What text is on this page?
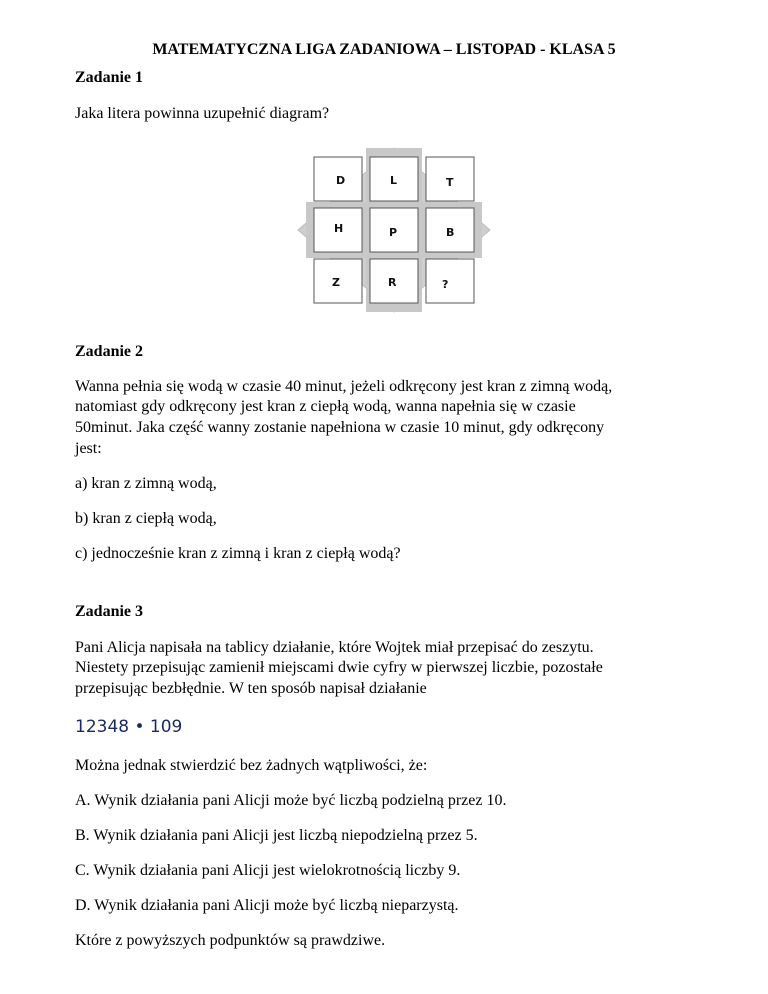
MATEMATYCZNA LIGA ZADANIOWA – LISTOPAD - KLASA 5
Zadanie 1
Jaka litera powinna uzupełnić diagram?
D	L	T
H	P	B
Z	R	?
Zadanie 2
Wanna pełnia się wodą w czasie 40 minut, jeżeli odkręcony jest kran z zimną wodą,
natomiast gdy odkręcony jest kran z ciepłą wodą, wanna napełnia się w czasie
50minut. Jaka część wanny zostanie napełniona w czasie 10 minut, gdy odkręcony
jest:
a) kran z zimną wodą,
b) kran z ciepłą wodą,
c) jednocześnie kran z zimną i kran z ciepłą wodą?
Zadanie 3
Pani Alicja napisała na tablicy działanie, które Wojtek miał przepisać do zeszytu.
Niestety przepisując zamienił miejscami dwie cyfry w pierwszej liczbie, pozostałe
przepisując bezbłędnie. W ten sposób napisał działanie
12348 • 109
Można jednak stwierdzić bez żadnych wątpliwości, że:
A. Wynik działania pani Alicji może być liczbą podzielną przez 10.
B. Wynik działania pani Alicji jest liczbą niepodzielną przez 5.
C. Wynik działania pani Alicji jest wielokrotnością liczby 9.
D. Wynik działania pani Alicji może być liczbą nieparzystą.
Które z powyższych podpunktów są prawdziwe.
